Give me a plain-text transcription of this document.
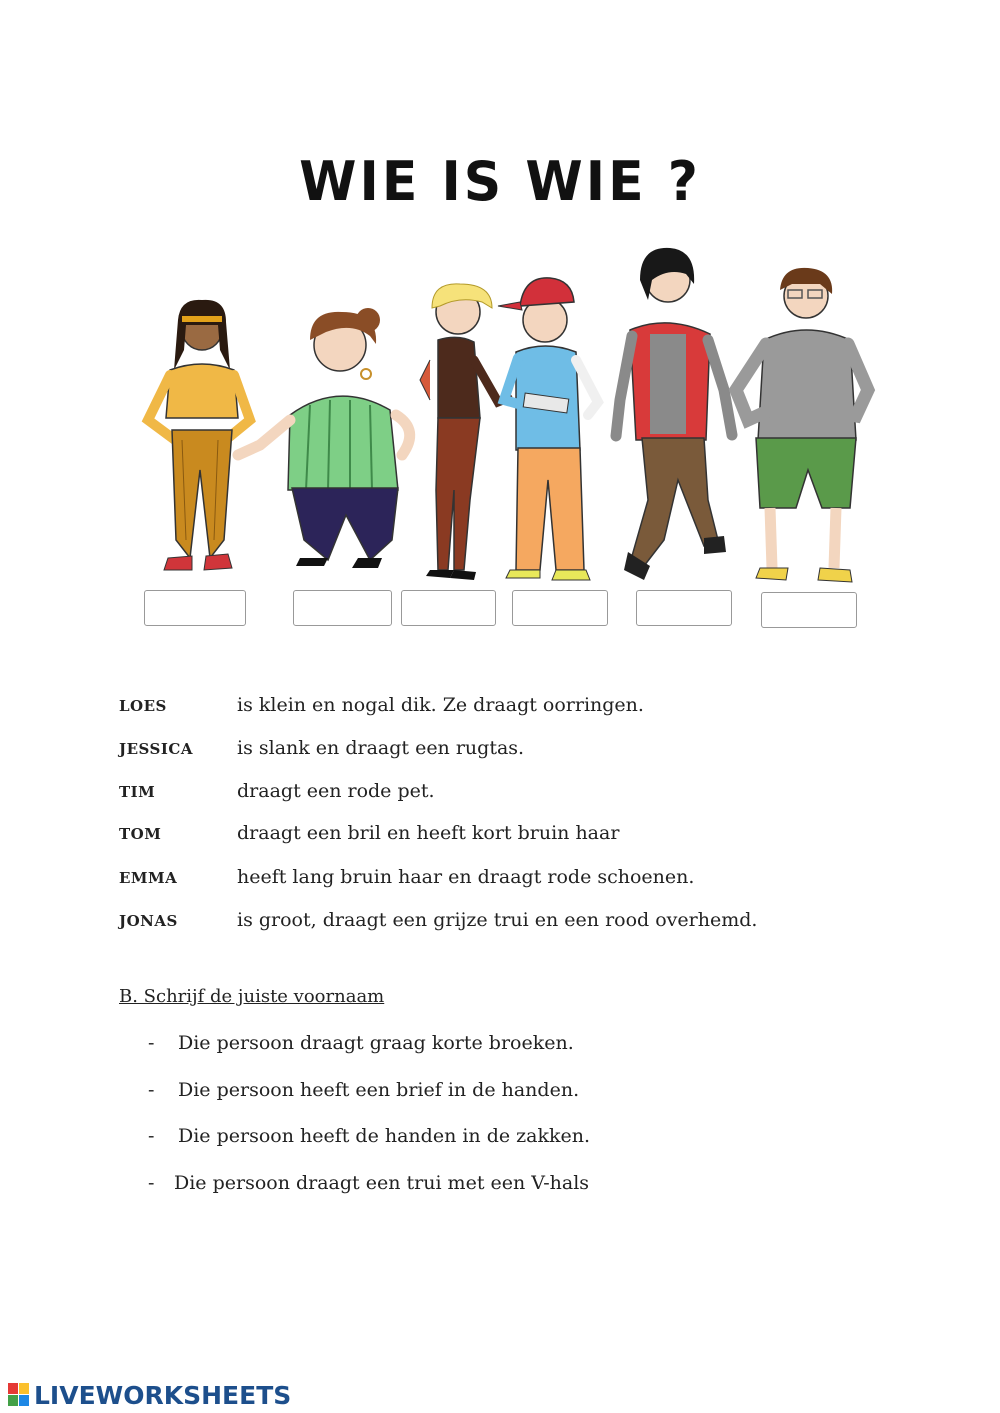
WIE IS WIE ?
LOES	is klein en nogal dik. Ze draagt oorringen.
JESSICA is slank en draagt een rugtas.
TIM	draagt een rode pet.
TOM	draagt een bril en heeft kort bruin haar
EMMA	heeft lang bruin haar en draagt rode schoenen.
JONAS	is groot, draagt een grijze trui en een rood overhemd.
B. Schrijf de juiste voornaam
- Die persoon draagt graag korte broeken.
- Die persoon heeft een brief in de handen.
- Die persoon heeft de handen in de zakken.
- Die persoon draagt een trui met een V-hals
LIVEWORKSHEETS
